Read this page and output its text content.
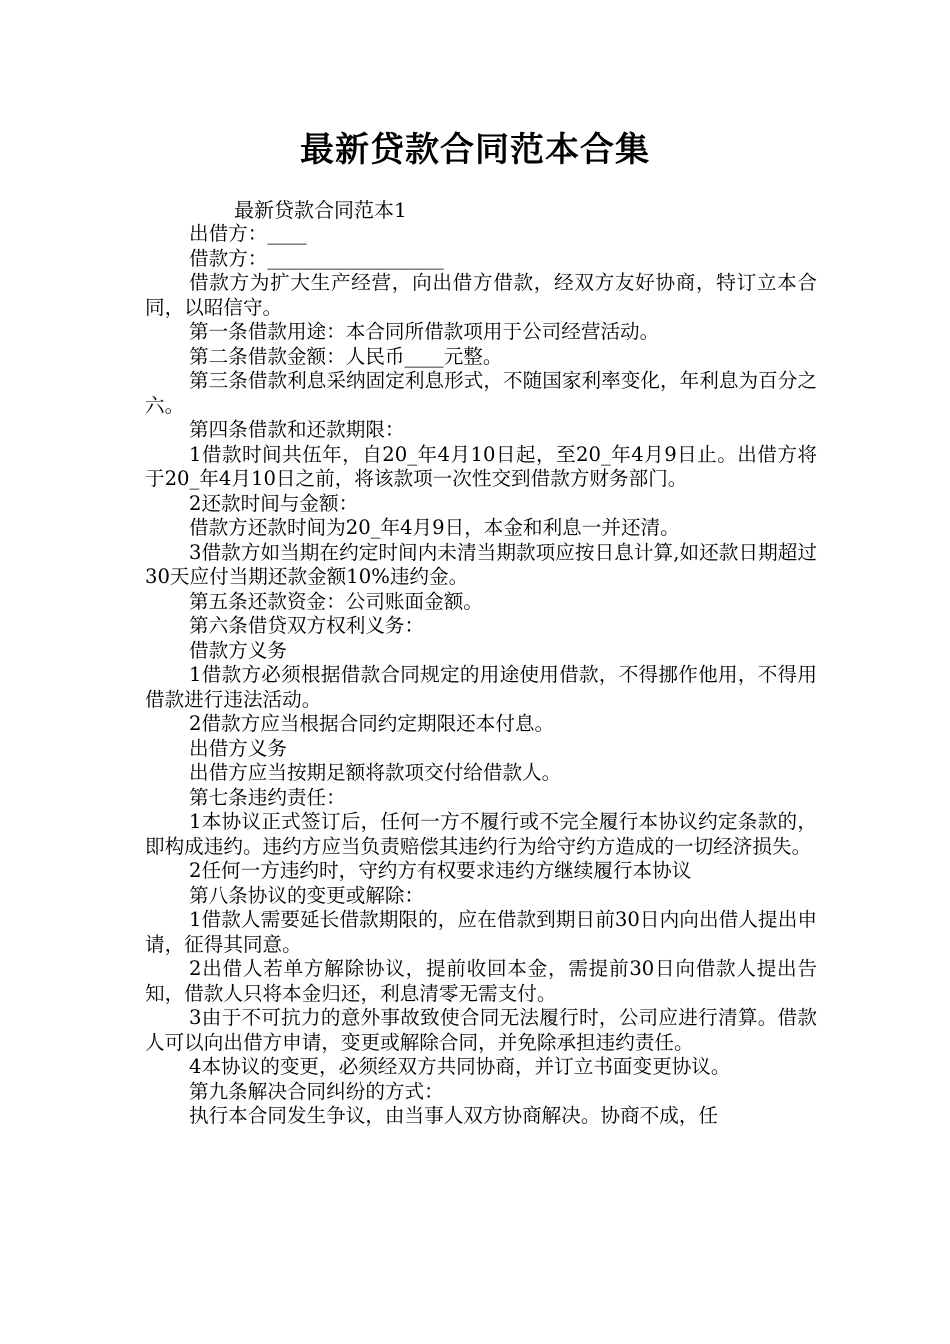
最新贷款合同范本合集
最新贷款合同范本1

出借方：____

借款方：__________________

借款方为扩大生产经营，向出借方借款，经双方友好协商，特订立本合同，以昭信守。

第一条借款用途：本合同所借款项用于公司经营活动。

第二条借款金额：人民币____元整。

第三条借款利息采纳固定利息形式，不随国家利率变化，年利息为百分之六。

第四条借款和还款期限：

1借款时间共伍年，自20_年4月10日起，至20_年4月9日止。出借方将于20_年4月10日之前，将该款项一次性交到借款方财务部门。

2还款时间与金额：

借款方还款时间为20_年4月9日，本金和利息一并还清。

3借款方如当期在约定时间内未清当期款项应按日息计算,如还款日期超过30天应付当期还款金额10%违约金。

第五条还款资金：公司账面金额。

第六条借贷双方权利义务：

借款方义务

1借款方必须根据借款合同规定的用途使用借款，不得挪作他用，不得用借款进行违法活动。

2借款方应当根据合同约定期限还本付息。

出借方义务

出借方应当按期足额将款项交付给借款人。

第七条违约责任：

1本协议正式签订后，任何一方不履行或不完全履行本协议约定条款的，即构成违约。违约方应当负责赔偿其违约行为给守约方造成的一切经济损失。

2任何一方违约时，守约方有权要求违约方继续履行本协议

第八条协议的变更或解除：

1借款人需要延长借款期限的，应在借款到期日前30日内向出借人提出申请，征得其同意。

2出借人若单方解除协议，提前收回本金，需提前30日向借款人提出告知，借款人只将本金归还，利息清零无需支付。

3由于不可抗力的意外事故致使合同无法履行时，公司应进行清算。借款人可以向出借方申请，变更或解除合同，并免除承担违约责任。

4本协议的变更，必须经双方共同协商，并订立书面变更协议。

第九条解决合同纠纷的方式：

执行本合同发生争议，由当事人双方协商解决。协商不成，任
